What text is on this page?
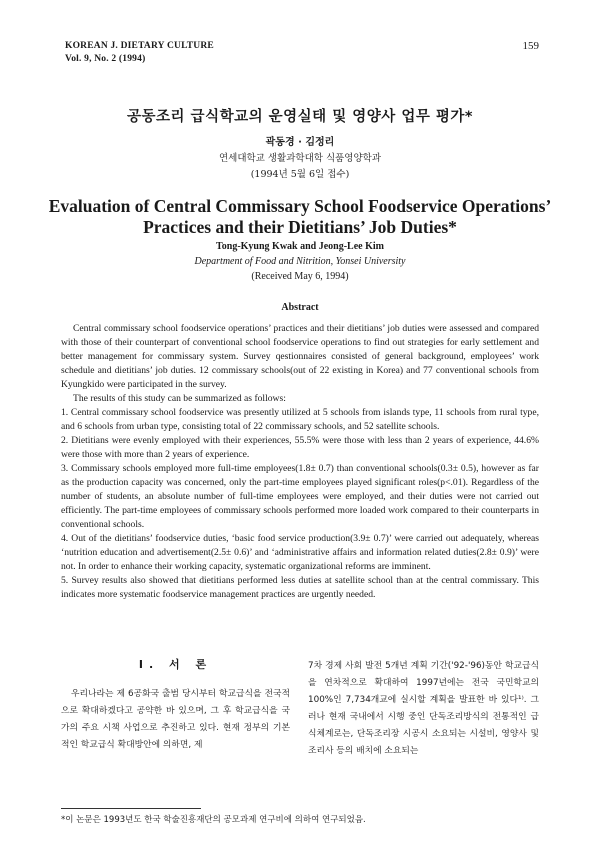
KOREAN J. DIETARY CULTURE
Vol. 9, No. 2 (1994)
159
공동조리 급식학교의 운영실태 및 영양사 업무 평가*
곽동경 · 김정리
연세대학교 생활과학대학 식품영양학과
(1994년 5월 6일 접수)
Evaluation of Central Commissary School Foodservice Operations’ Practices and their Dietitians’ Job Duties*
Tong-Kyung Kwak and Jeong-Lee Kim
Department of Food and Nitrition, Yonsei University
(Received May 6, 1994)
Abstract

Central commissary school foodservice operations’ practices and their dietitians’ job duties were assessed and compared with those of their counterpart of conventional school foodservice operations to find out strategies for early settlement and better management for commissary system. Survey qestionnaires consisted of general background, employees’ work schedule and dietitians’ job duties. 12 commissary schools(out of 22 existing in Korea) and 77 conventional schools from Kyungkido were participated in the survey.

The results of this study can be summarized as follows:

1. Central commissary school foodservice was presently utilized at 5 schools from islands type, 11 schools from rural type, and 6 schools from urban type, consisting total of 22 commissary schools, and 52 satellite schools.

2. Dietitians were evenly employed with their experiences, 55.5% were those with less than 2 years of experience, 44.6% were those with more than 2 years of experience.

3. Commissary schools employed more full-time employees(1.8± 0.7) than conventional schools(0.3± 0.5), however as far as the production capacity was concerned, only the part-time employees played significant roles(p<.01). Regardless of the number of students, an absolute number of full-time employees were employed, and their duties were not carried out efficiently. The part-time employees of commissary schools performed more loaded work compared to their counterparts in conventional schools.

4. Out of the dietitians’ foodservice duties, ‘basic food service production(3.9± 0.7)’ were carried out adequately, whereas ‘nutrition education and advertisement(2.5± 0.6)’ and ‘administrative affairs and information related duties(2.8± 0.9)’ were not. In order to enhance their working capacity, systematic organizational reforms are imminent.

5. Survey results also showed that dietitians performed less duties at satellite school than at the central commissary. This indicates more systematic foodservice management practices are urgently needed.

I. 서 론

우리나라는 제 6공화국 출범 당시부터 학교급식을 전국적으로 확대하겠다고 공약한 바 있으며, 그 후 학교급식을 국가의 주요 시책 사업으로 추진하고 있다. 현재 정부의 기본적인 학교급식 확대방안에 의하면, 제

7차 경제 사회 발전 5개년 계획 기간('92-'96)동안 학교급식을 연차적으로 확대하여 1997년에는 전국 국민학교의 100%인 7,734개교에 실시할 계획을 발표한 바 있다¹⁾. 그러나 현재 국내에서 시행 중인 단독조리방식의 전통적인 급식체계로는, 단독조리장 시공시 소요되는 시설비, 영양사 및 조리사 등의 배치에 소요되는

*이 논문은 1993년도 한국 학술진흥재단의 공모과제 연구비에 의하여 연구되었음.
